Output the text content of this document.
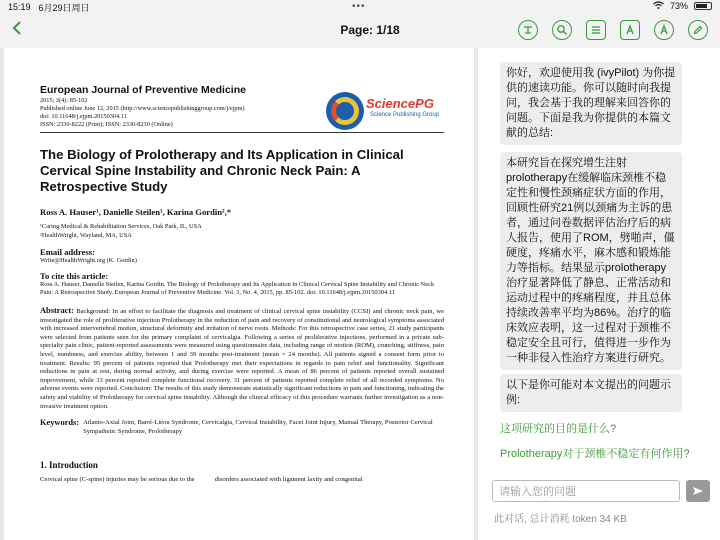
15:19 6月29日周日	•••	73%
Page: 1/18
European Journal of Preventive Medicine
2015; 3(4): 85-102
Published online June 12, 2015 (http://www.sciencepublishinggroup.com/j/ejpm)
doi: 10.11648/j.ejpm.20150304.11
ISSN: 2330-8222 (Print); ISSN: 2330-8230 (Online)
SciencePG
Science Publishing Group
The Biology of Prolotherapy and Its Application in Clinical Cervical Spine Instability and Chronic Neck Pain: A Retrospective Study
Ross A. Hauser¹, Danielle Steilen¹, Karina Gordin²,*
¹Caring Medical & Rehabilitation Services, Oak Park, IL, USA
²HealthWright, Wayland, MA, USA
Email address:
Write@HealthWright.org (K. Gordin)
To cite this article:
Ross A. Hauser, Danielle Steilen, Karina Gordin. The Biology of Prolotherapy and Its Application in Clinical Cervical Spine Instability and Chronic Neck Pain: A Retrospective Study. European Journal of Preventive Medicine. Vol. 3, No. 4, 2015, pp. 85-102. doi: 10.11648/j.ejpm.20150304.11
Abstract: Background: In an effort to facilitate the diagnosis and treatment of clinical cervical spine instability (CCSI) and chronic neck pain, we investigated the role of proliferative injection Prolotherapy in the reduction of pain and recovery of constitutional and neurological symptoms associated with increased intervertebral motion, structural deformity and irritation of nerve roots. Methods: For this retrospective case series, 21 study participants were selected from patients seen for the primary complaint of cervicalgia. Following a series of proliferative injections, performed in a private sub-specialty pain clinic, patient-reported assessments were measured using questionnaire data, including range of motion (ROM), crunching, stiffness, pain level, numbness, and exercise ability, between 1 and 39 months post-treatment (mean = 24 months). All patients signed a consent form prior to treatment. Results: 95 percent of patients reported that Prolotherapy met their expectations in regards to pain relief and functionality. Significant reductions in pain at rest, during normal activity, and during exercise were reported. A mean of 86 percent of patients reported overall sustained improvement, while 33 percent reported complete functional recovery. 31 percent of patients reported complete relief of all recorded symptoms. No adverse events were reported. Conclusion: The results of this study demonstrate statistically significant reductions in pain and functioning, indicating the safety and viability of Prolotherapy for cervical spine instability. Although the clinical efficacy of this procedure warrants further investigation as a non-invasive treatment option.
Keywords: Atlanto-Axial Joint, Barré-Liéou Syndrome, Cervicalgia, Cervical Instability, Facet Joint Injury, Manual Therapy, Posterior Cervical Sympathetic Syndrome, Prolotherapy
1. Introduction
Cervical spine (C-spine) injuries may be serious due to the	disorders associated with ligament laxity and congenital
你好，欢迎使用我 (ivyPilot) 为你提供的速读功能。你可以随时向我提问，我会基于我的理解来回答你的问题。下面是我为你提供的本篇文献的总结:
本研究旨在探究增生注射prolotherapy在缓解临床颈椎不稳定性和慢性颈痛症状方面的作用，回顾性研究21例以颈痛为主诉的患者，通过问卷数据评估治疗后的病人报告，使用了ROM，劈啪声，僵硬度，疼痛水平，麻木感和锻炼能力等指标。结果显示prolotherapy治疗显著降低了静息、正常活动和运动过程中的疼痛程度，并且总体持续改善率平均为86%。治疗的临床效应表明，这一过程对于颈椎不稳定安全且可行，值得进一步作为一种非侵入性治疗方案进行研究。
以下是你可能对本文提出的问题示例:
这项研究的目的是什么?
Prolotherapy对于颈椎不稳定有何作用?
请输入您的问题
此对话, 总计消耗 token 34 KB
